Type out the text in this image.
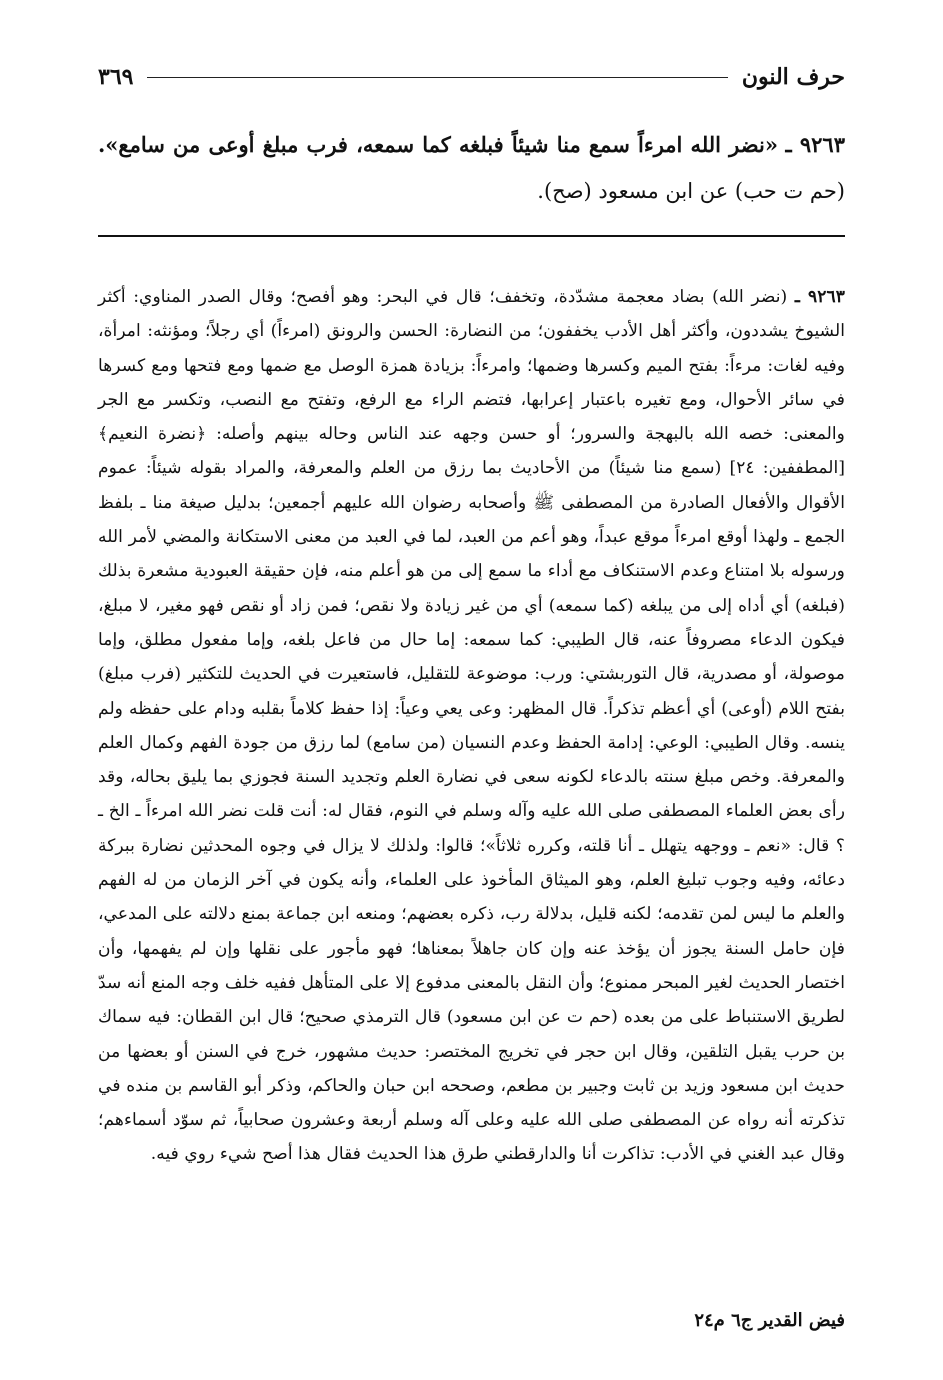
حرف النون
٣٦٩
٩٢٦٣ ـ «نضر الله امرءاً سمع منا شيئاً فبلغه كما سمعه، فرب مبلغ أوعى من سامع». (حم ت حب) عن ابن مسعود (صح).

٩٢٦٣ ـ (نضر الله) بضاد معجمة مشدّدة، وتخفف؛ قال في البحر: وهو أفصح؛ وقال الصدر المناوي: أكثر الشيوخ يشددون، وأكثر أهل الأدب يخففون؛ من النضارة: الحسن والرونق (امرءاً) أي رجلاً؛ ومؤنثه: امرأة، وفيه لغات: مرءاً: بفتح الميم وكسرها وضمها؛ وامرءاً: بزيادة همزة الوصل مع ضمها ومع فتحها ومع كسرها في سائر الأحوال، ومع تغيره باعتبار إعرابها، فتضم الراء مع الرفع، وتفتح مع النصب، وتكسر مع الجر والمعنى: خصه الله بالبهجة والسرور؛ أو حسن وجهه عند الناس وحاله بينهم وأصله: ﴿نضرة النعيم﴾ [المطففين: ٢٤] (سمع منا شيئاً) من الأحاديث بما رزق من العلم والمعرفة، والمراد بقوله شيئاً: عموم الأقوال والأفعال الصادرة من المصطفى ﷺ وأصحابه رضوان الله عليهم أجمعين؛ بدليل صيغة منا ـ بلفظ الجمع ـ ولهذا أوقع امرءاً موقع عبداً، وهو أعم من العبد، لما في العبد من معنى الاستكانة والمضي لأمر الله ورسوله بلا امتناع وعدم الاستنكاف مع أداء ما سمع إلى من هو أعلم منه، فإن حقيقة العبودية مشعرة بذلك (فبلغه) أي أداه إلى من يبلغه (كما سمعه) أي من غير زيادة ولا نقص؛ فمن زاد أو نقص فهو مغير، لا مبلغ، فيكون الدعاء مصروفاً عنه، قال الطيبي: كما سمعه: إما حال من فاعل بلغه، وإما مفعول مطلق، وإما موصولة، أو مصدرية، قال التوربشتي: ورب: موضوعة للتقليل، فاستعيرت في الحديث للتكثير (فرب مبلغ) بفتح اللام (أوعى) أي أعظم تذكراً. قال المظهر: وعى يعي وعياً: إذا حفظ كلاماً بقلبه ودام على حفظه ولم ينسه. وقال الطيبي: الوعي: إدامة الحفظ وعدم النسيان (من سامع) لما رزق من جودة الفهم وكمال العلم والمعرفة. وخص مبلغ سنته بالدعاء لكونه سعى في نضارة العلم وتجديد السنة فجوزي بما يليق بحاله، وقد رأى بعض العلماء المصطفى صلى الله عليه وآله وسلم في النوم، فقال له: أنت قلت نضر الله امرءاً ـ الخ ـ ؟ قال: «نعم ـ ووجهه يتهلل ـ أنا قلته، وكرره ثلاثاً»؛ قالوا: ولذلك لا يزال في وجوه المحدثين نضارة ببركة دعائه، وفيه وجوب تبليغ العلم، وهو الميثاق المأخوذ على العلماء، وأنه يكون في آخر الزمان من له الفهم والعلم ما ليس لمن تقدمه؛ لكنه قليل، بدلالة رب، ذكره بعضهم؛ ومنعه ابن جماعة بمنع دلالته على المدعي، فإن حامل السنة يجوز أن يؤخذ عنه وإن كان جاهلاً بمعناها؛ فهو مأجور على نقلها وإن لم يفهمها، وأن اختصار الحديث لغير المبحر ممنوع؛ وأن النقل بالمعنى مدفوع إلا على المتأهل ففيه خلف وجه المنع أنه سدّ لطريق الاستنباط على من بعده (حم ت عن ابن مسعود) قال الترمذي صحيح؛ قال ابن القطان: فيه سماك بن حرب يقبل التلقين، وقال ابن حجر في تخريج المختصر: حديث مشهور، خرج في السنن أو بعضها من حديث ابن مسعود وزيد بن ثابت وجبير بن مطعم، وصححه ابن حبان والحاكم، وذكر أبو القاسم بن منده في تذكرته أنه رواه عن المصطفى صلى الله عليه وعلى آله وسلم أربعة وعشرون صحابياً، ثم سوّد أسماءهم؛ وقال عبد الغني في الأدب: تذاكرت أنا والدارقطني طرق هذا الحديث فقال هذا أصح شيء روي فيه.

فيض القدير ج٦ م٢٤
